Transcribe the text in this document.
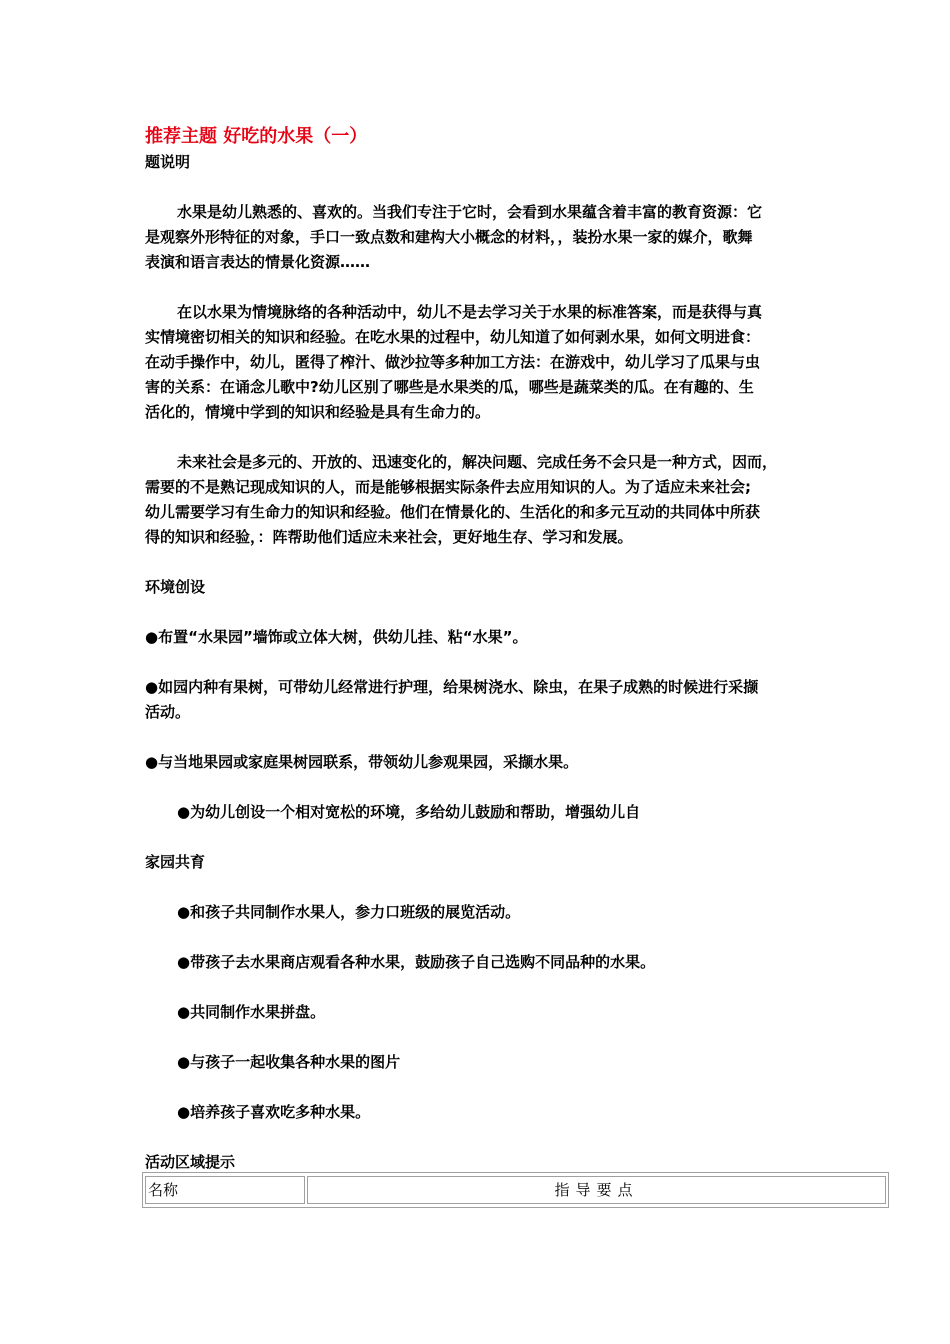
推荐主题 好吃的水果（一）
题说明
水果是幼儿熟悉的、喜欢的。当我们专注于它时，会看到水果蕴含着丰富的教育资源：它
是观察外形特征的对象，手口一致点数和建构大小概念的材料，，装扮水果一家的媒介，歌舞
表演和语言表达的情景化资源……
在以水果为情境脉络的各种活动中，幼儿不是去学习关于水果的标准答案，而是获得与真
实情境密切相关的知识和经验。在吃水果的过程中，幼儿知道了如何剥水果，如何文明进食：
在动手操作中，幼儿，匿得了榨汁、做沙拉等多种加工方法：在游戏中，幼儿学习了瓜果与虫
害的关系：在诵念儿歌中?幼儿区别了哪些是水果类的瓜，哪些是蔬菜类的瓜。在有趣的、生
活化的，情境中学到的知识和经验是具有生命力的。
未来社会是多元的、开放的、迅速变化的，解决问题、完成任务不会只是一种方式，因而，
需要的不是熟记现成知识的人，而是能够根据实际条件去应用知识的人。为了适应未来社会;
幼儿需要学习有生命力的知识和经验。他们在情景化的、生活化的和多元互动的共同体中所获
得的知识和经验，：阵帮助他们适应未来社会，更好地生存、学习和发展。
环境创设
●布置“水果园”墙饰或立体大树，供幼儿挂、粘“水果”。
●如园内种有果树，可带幼儿经常进行护理，给果树浇水、除虫，在果子成熟的时候进行采撷
活动。
●与当地果园或家庭果树园联系，带领幼儿参观果园，采撷水果。
●为幼儿创设一个相对宽松的环境，多给幼儿鼓励和帮助，增强幼儿自
家园共育
●和孩子共同制作水果人，参力口班级的展览活动。
●带孩子去水果商店观看各种水果，鼓励孩子自己选购不同品种的水果。
●共同制作水果拼盘。
●与孩子一起收集各种水果的图片
●培养孩子喜欢吃多种水果。
活动区域提示
名称	指导要点
